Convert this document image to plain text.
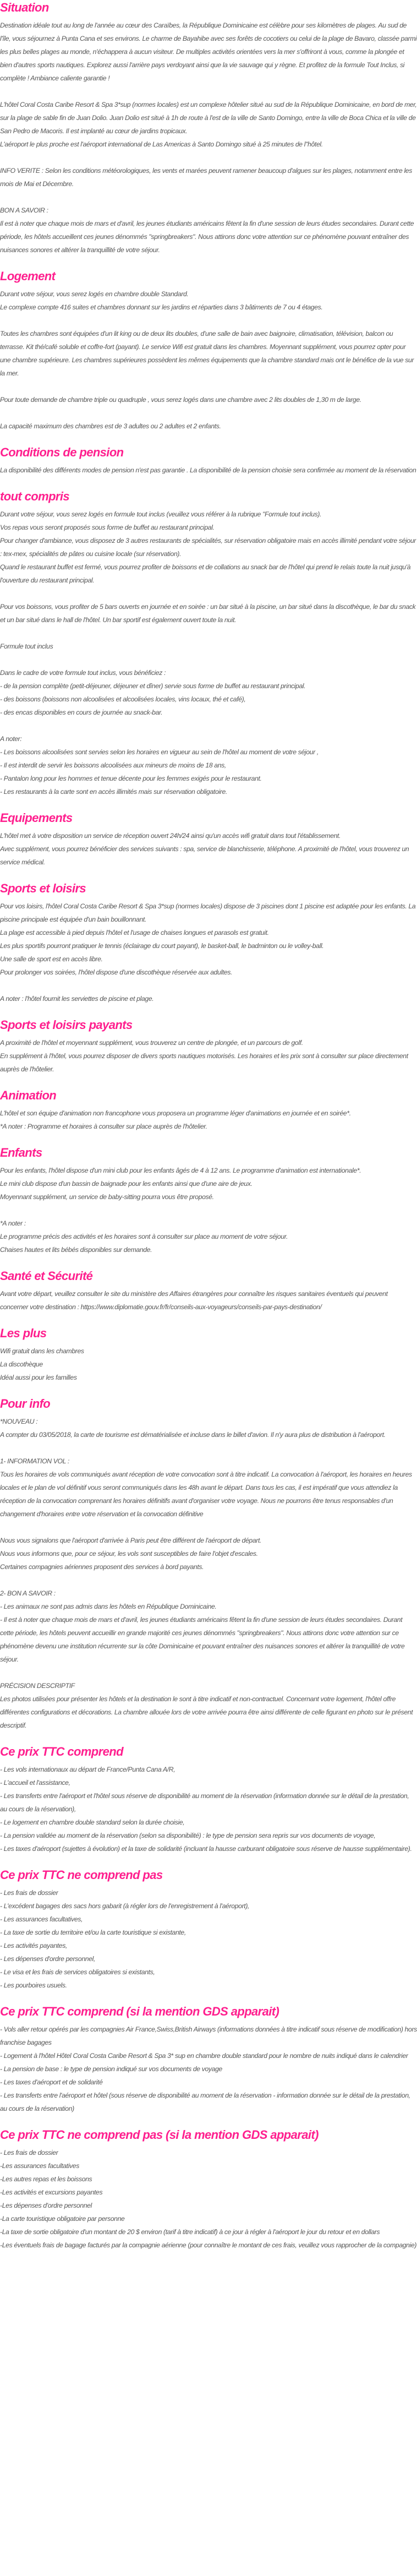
Situation

Destination idéale tout au long de l'année au cœur des Caraïbes, la République Dominicaine est célèbre pour ses kilomètres de plages. Au sud de l'île, vous séjournez à Punta Cana et ses environs. Le charme de Bayahibe avec ses forêts de cocotiers ou celui de la plage de Bavaro, classée parmi les plus belles plages au monde, n'échappera à aucun visiteur. De multiples activités orientées vers la mer s'offriront à vous, comme la plongée et bien d'autres sports nautiques. Explorez aussi l'arrière pays verdoyant ainsi que la vie sauvage qui y règne. Et profitez de la formule Tout Inclus, si complète ! Ambiance caliente garantie !

L'hôtel Coral Costa Caribe Resort & Spa 3*sup (normes locales) est un complexe hôtelier situé au sud de la République Dominicaine, en bord de mer, sur la plage de sable fin de Juan Dolio. Juan Dolio est situé à 1h de route à l'est de la ville de Santo Domingo, entre la ville de Boca Chica et la ville de San Pedro de Macoris. Il est implanté au cœur de jardins tropicaux.

L'aéroport le plus proche est l'aéroport international de Las Americas à Santo Domingo situé à 25 minutes de l''hôtel.

INFO VERITE : Selon les conditions météorologiques, les vents et marées peuvent ramener beaucoup d'algues sur les plages, notamment entre les mois de Mai et Décembre.

BON A SAVOIR :

Il est à noter que chaque mois de mars et d'avril, les jeunes étudiants américains fêtent la fin d'une session de leurs études secondaires. Durant cette période, les hôtels accueillent ces jeunes dénommés "springbreakers". Nous attirons donc votre attention sur ce phénomène pouvant entraîner des nuisances sonores et altérer la tranquillité de votre séjour.

Logement

Durant votre séjour, vous serez logés en chambre double Standard.

Le complexe compte 416 suites et chambres donnant sur les jardins et réparties dans 3 bâtiments de 7 ou 4 étages.

Toutes les chambres sont équipées d'un lit king ou de deux lits doubles, d'une salle de bain avec baignoire, climatisation, télévision, balcon ou terrasse. Kit thé/café soluble et coffre-fort (payant). Le service Wifi est gratuit dans les chambres. Moyennant supplément, vous pourrez opter pour une chambre supérieure. Les chambres supérieures possèdent les mêmes équipements que la chambre standard mais ont le bénéfice de la vue sur la mer.

Pour toute demande de chambre triple ou quadruple , vous serez logés dans une chambre avec 2 lits doubles de 1,30 m de large.

La capacité maximum des chambres est de 3 adultes ou 2 adultes et 2 enfants.

Conditions de pension

La disponibilité des différents modes de pension n'est pas garantie . La disponibilité de la pension choisie sera confirmée au moment de la réservation

tout compris

Durant votre séjour, vous serez logés en formule tout inclus (veuillez vous référer à la rubrique "Formule tout inclus).

Vos repas vous seront proposés sous forme de buffet au restaurant principal.

Pour changer d'ambiance, vous disposez de 3 autres restaurants de spécialités, sur réservation obligatoire mais en accès illimité pendant votre séjour : tex-mex, spécialités de pâtes ou cuisine locale (sur réservation).

Quand le restaurant buffet est fermé, vous pourrez profiter de boissons et de collations au snack bar de l'hôtel qui prend le relais toute la nuit jusqu'à l'ouverture du restaurant principal.

Pour vos boissons, vous profiter de 5 bars ouverts en journée et en soirée : un bar situé à la piscine, un bar situé dans la discothèque, le bar du snack et un bar situé dans le hall de l'hôtel. Un bar sportif est également ouvert toute la nuit.

Formule tout inclus

Dans le cadre de votre formule tout inclus, vous bénéficiez :

- de la pension complète (petit-déjeuner, déjeuner et dîner) servie sous forme de buffet au restaurant principal.

- des boissons (boissons non alcoolisées et alcoolisées locales, vins locaux, thé et café),

- des encas disponibles en cours de journée au snack-bar.

A noter:

- Les boissons alcoolisées sont servies selon les horaires en vigueur au sein de l'hôtel au moment de votre séjour ,

- Il est interdit de servir les boissons alcoolisées aux mineurs de moins de 18 ans,

- Pantalon long pour les hommes et tenue décente pour les femmes exigés pour le restaurant.

- Les restaurants à la carte sont en accès illimités mais sur réservation obligatoire.

Equipements

L'hôtel met à votre disposition un service de réception ouvert 24h/24 ainsi qu'un accès wifi gratuit dans tout l'établissement.

Avec supplément, vous pourrez bénéficier des services suivants : spa, service de blanchisserie, téléphone. A proximité de l'hôtel, vous trouverez un service médical.

Sports et loisirs

Pour vos loisirs, l'hôtel Coral Costa Caribe Resort & Spa 3*sup (normes locales) dispose de 3 piscines dont 1 piscine est adaptée pour les enfants. La piscine principale est équipée d'un bain bouillonnant.

La plage est accessible à pied depuis l'hôtel et l'usage de chaises longues et parasols est gratuit.

Les plus sportifs pourront pratiquer le tennis (éclairage du court payant), le basket-ball, le badminton ou le volley-ball.

Une salle de sport est en accès libre.

Pour prolonger vos soirées, l'hôtel dispose d'une discothèque réservée aux adultes.

A noter : l'hôtel fournit les serviettes de piscine et plage.

Sports et loisirs payants

A proximité de l'hôtel et moyennant supplément, vous trouverez un centre de plongée, et un parcours de golf.

En supplément à l'hôtel, vous pourrez disposer de divers sports nautiques motorisés. Les horaires et les prix sont à consulter sur place directement auprès de l'hôtelier.

Animation

L'hôtel et son équipe d'animation non francophone vous proposera un programme léger d'animations en journée et en soirée*.

*A noter : Programme et horaires à consulter sur place auprès de l'hôtelier.

Enfants

Pour les enfants, l'hôtel dispose d'un mini club pour les enfants âgés de 4 à 12 ans. Le programme d'animation est internationale*.

Le mini club dispose d'un bassin de baignade pour les enfants ainsi que d'une aire de jeux.

Moyennant supplément, un service de baby-sitting pourra vous être proposé.

*A noter :

Le programme précis des activités et les horaires sont à consulter sur place au moment de votre séjour.

Chaises hautes et lits bébés disponibles sur demande.

Santé et Sécurité

Avant votre départ, veuillez consulter le site du ministère des Affaires étrangères pour connaître les risques sanitaires éventuels qui peuvent concerner votre destination : https://www.diplomatie.gouv.fr/fr/conseils-aux-voyageurs/conseils-par-pays-destination/

Les plus

Wifi gratuit dans les chambres

La discothèque

Idéal aussi pour les familles

Pour info

*NOUVEAU :

A compter du 03/05/2018, la carte de tourisme est dématérialisée et incluse dans le billet d'avion. Il n'y aura plus de distribution à l'aéroport.

1- INFORMATION VOL :

Tous les horaires de vols communiqués avant réception de votre convocation sont à titre indicatif. La convocation à l'aéroport, les horaires en heures locales et le plan de vol définitif vous seront communiqués dans les 48h avant le départ. Dans tous les cas, il est impératif que vous attendiez la réception de la convocation comprenant les horaires définitifs avant d'organiser votre voyage. Nous ne pourrons être tenus responsables d'un changement d'horaires entre votre réservation et la convocation définitive

Nous vous signalons que l'aéroport d'arrivée à Paris peut être différent de l'aéroport de départ.

Nous vous informons que, pour ce séjour, les vols sont susceptibles de faire l'objet d'escales.

Certaines compagnies aériennes proposent des services à bord payants.

2- BON A SAVOIR :

- Les animaux ne sont pas admis dans les hôtels en République Dominicaine.

- Il est à noter que chaque mois de mars et d'avril, les jeunes étudiants américains fêtent la fin d'une session de leurs études secondaires. Durant cette période, les hôtels peuvent accueillir en grande majorité ces jeunes dénommés "springbreakers". Nous attirons donc votre attention sur ce phénomène devenu une institution récurrente sur la côte Dominicaine et pouvant entraîner des nuisances sonores et altérer la tranquillité de votre séjour.

PRÉCISION DESCRIPTIF

Les photos utilisées pour présenter les hôtels et la destination le sont à titre indicatif et non-contractuel. Concernant votre logement, l'hôtel offre différentes configurations et décorations. La chambre allouée lors de votre arrivée pourra être ainsi différente de celle figurant en photo sur le présent descriptif.

Ce prix TTC comprend

- Les vols internationaux au départ de France/Punta Cana A/R,

- L'accueil et l'assistance,

- Les transferts entre l'aéroport et l'hôtel sous réserve de disponibilité au moment de la réservation (information donnée sur le détail de la prestation, au cours de la réservation),

- Le logement en chambre double standard selon la durée choisie,

- La pension validée au moment de la réservation (selon sa disponibilité) : le type de pension sera repris sur vos documents de voyage,

- Les taxes d'aéroport (sujettes à évolution) et la taxe de solidarité (incluant la hausse carburant obligatoire sous réserve de hausse supplémentaire).

Ce prix TTC ne comprend pas

- Les frais de dossier

- L'excédent bagages des sacs hors gabarit (à régler lors de l'enregistrement à l'aéroport),

- Les assurances facultatives,

- La taxe de sortie du territoire et/ou la carte touristique si existante,

- Les activités payantes,

- Les dépenses d'ordre personnel,

- Le visa et les frais de services obligatoires si existants,

- Les pourboires usuels.

Ce prix TTC comprend (si la mention GDS apparait)

- Vols aller retour opérés par les compagnies Air France,Swiss,British Airways (informations données à titre indicatif sous réserve de modification) hors franchise bagages

- Logement à l'hôtel Hôtel Coral Costa Caribe Resort & Spa 3* sup en chambre double standard pour le nombre de nuits indiqué dans le calendrier

- La pension de base : le type de pension indiqué sur vos documents de voyage

- Les taxes d'aéroport et de solidarité

- Les transferts entre l'aéroport et hôtel (sous réserve de disponibilité au moment de la réservation - information donnée sur le détail de la prestation, au cours de la réservation)

Ce prix TTC ne comprend pas (si la mention GDS apparait)

- Les frais de dossier

-Les assurances facultatives

-Les autres repas et les boissons

-Les activités et excursions payantes

-Les dépenses d'ordre personnel

-La carte touristique obligatoire par personne

-La taxe de sortie obligatoire d'un montant de 20 $ environ (tarif à titre indicatif) à ce jour à régler à l'aéroport le jour du retour et en dollars

-Les éventuels frais de bagage facturés par la compagnie aérienne (pour connaître le montant de ces frais, veuillez vous rapprocher de la compagnie)
